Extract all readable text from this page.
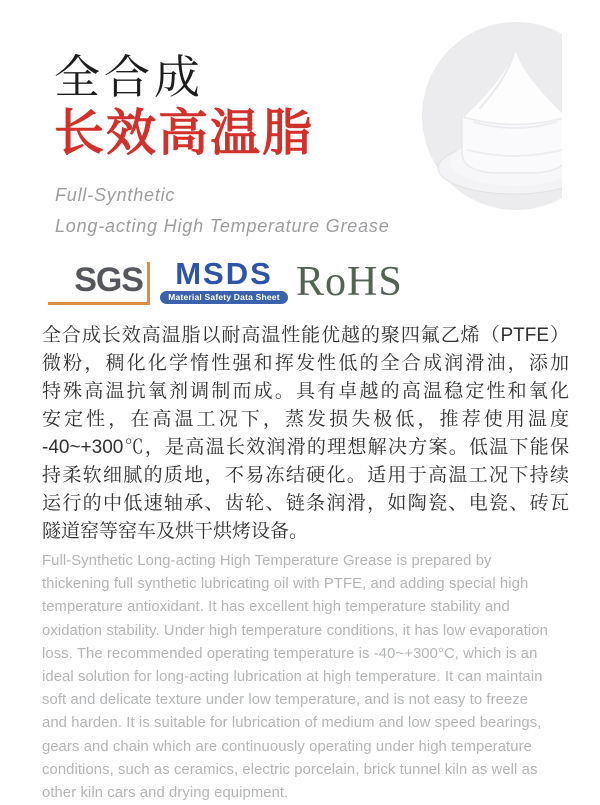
全合成
长效高温脂
Full-Synthetic
Long-acting High Temperature Grease
SGS	MSDS
Material Safety Data Sheet RoHS
全合成长效高温脂以耐高温性能优越的聚四氟乙烯（PTFE）
微粉，稠化化学惰性强和挥发性低的全合成润滑油，添加
特殊高温抗氧剂调制而成。具有卓越的高温稳定性和氧化
安定性，在高温工况下，蒸发损失极低，推荐使用温度
-40~+300℃，是高温长效润滑的理想解决方案。低温下能保
持柔软细腻的质地，不易冻结硬化。适用于高温工况下持续
运行的中低速轴承、齿轮、链条润滑，如陶瓷、电瓷、砖瓦
隧道窑等窑车及烘干烘烤设备。
Full-Synthetic Long-acting High Temperature Grease is prepared by
thickening full synthetic lubricating oil with PTFE, and adding special high
temperature antioxidant. It has excellent high temperature stability and
oxidation stability. Under high temperature conditions, it has low evaporation
loss. The recommended operating temperature is -40~+300°C, which is an
ideal solution for long-acting lubrication at high temperature. It can maintain
soft and delicate texture under low temperature, and is not easy to freeze
and harden. It is suitable for lubrication of medium and low speed bearings,
gears and chain which are continuously operating under high temperature
conditions, such as ceramics, electric porcelain, brick tunnel kiln as well as
other kiln cars and drying equipment.
